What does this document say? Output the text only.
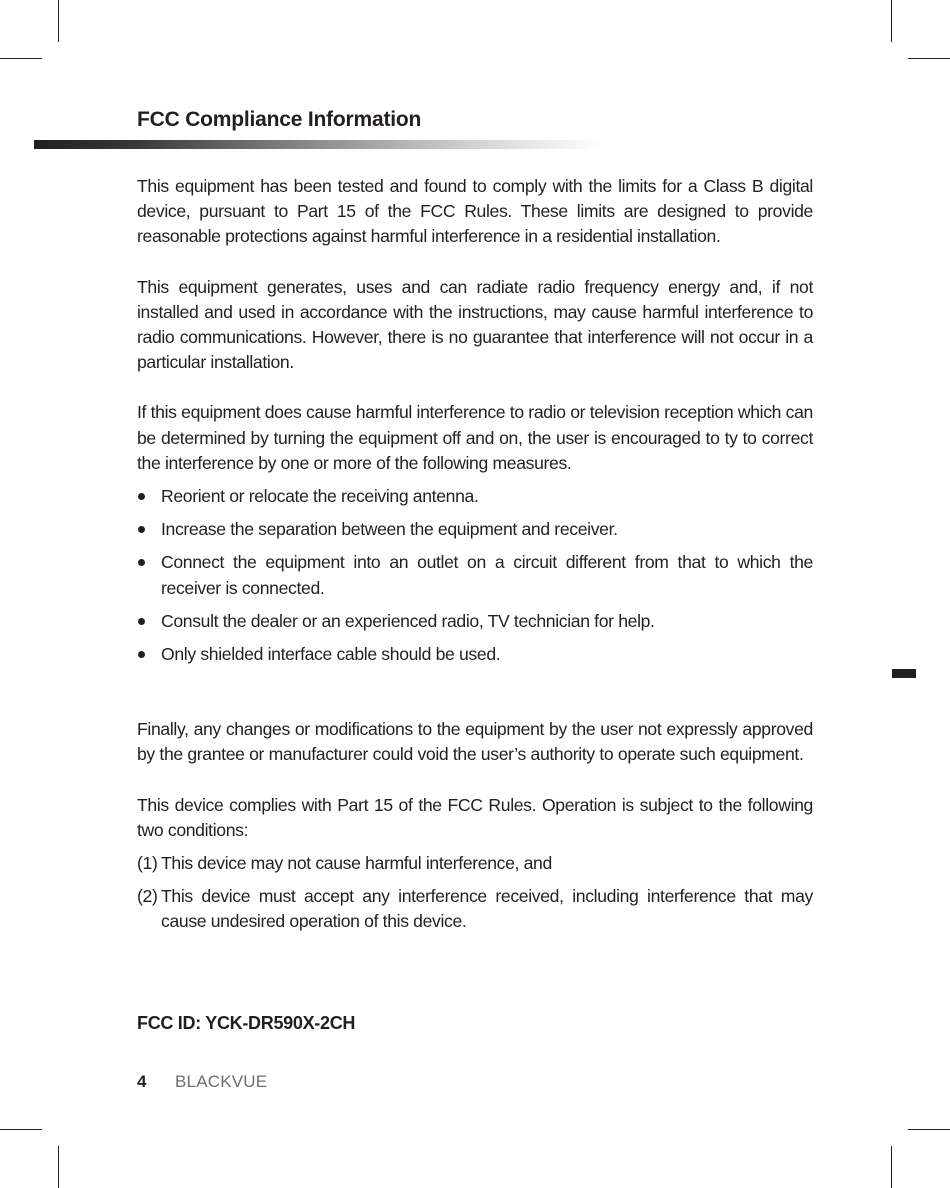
FCC Compliance Information

This equipment has been tested and found to comply with the limits for a Class B digital device, pursuant to Part 15 of the FCC Rules. These limits are designed to provide reasonable protections against harmful interference in a residential installation.

This equipment generates, uses and can radiate radio frequency energy and, if not installed and used in accordance with the instructions, may cause harmful interference to radio communications. However, there is no guarantee that interference will not occur in a particular installation.

If this equipment does cause harmful interference to radio or television reception which can be determined by turning the equipment off and on, the user is encouraged to ty to correct the interference by one or more of the following measures.

Reorient or relocate the receiving antenna.
Increase the separation between the equipment and receiver.
Connect the equipment into an outlet on a circuit different from that to which the receiver is connected.
Consult the dealer or an experienced radio, TV technician for help.
Only shielded interface cable should be used.

Finally, any changes or modifications to the equipment by the user not expressly approved by the grantee or manufacturer could void the user’s authority to operate such equipment.

This device complies with Part 15 of the FCC Rules. Operation is subject to the following two conditions:

(1) This device may not cause harmful interference, and
(2) This device must accept any interference received, including interference that may cause undesired operation of this device.
FCC ID: YCK-DR590X-2CH
4 BLACKVUE
